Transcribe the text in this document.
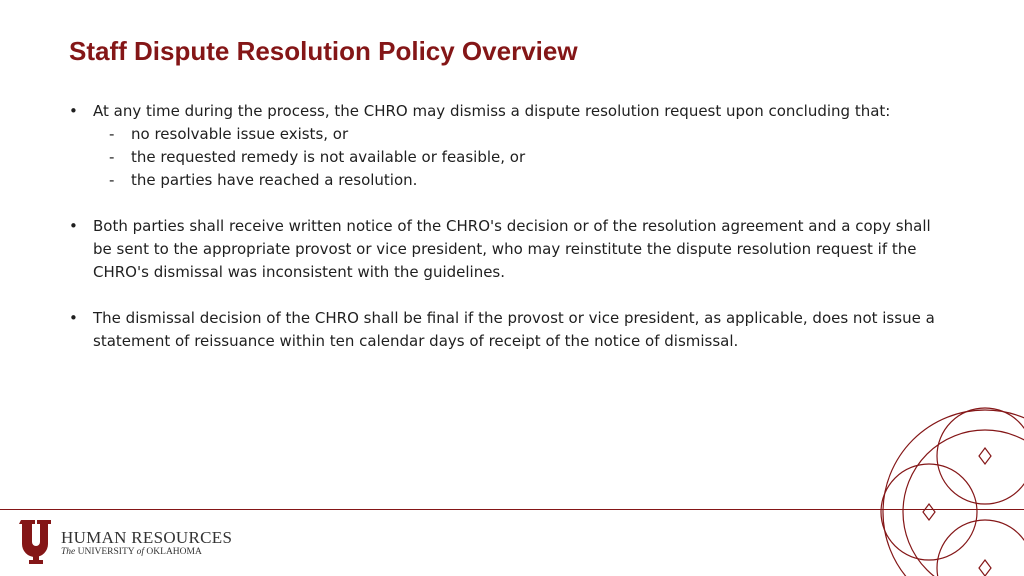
Staff Dispute Resolution Policy Overview
• At any time during the process, the CHRO may dismiss a dispute resolution request upon concluding that:
- no resolvable issue exists, or
- the requested remedy is not available or feasible, or
- the parties have reached a resolution.
• Both parties shall receive written notice of the CHRO's decision or of the resolution agreement and a copy shall be sent to the appropriate provost or vice president, who may reinstitute the dispute resolution request if the CHRO's dismissal was inconsistent with the guidelines.
• The dismissal decision of the CHRO shall be final if the provost or vice president, as applicable, does not issue a statement of reissuance within ten calendar days of receipt of the notice of dismissal.
HUMAN RESOURCES
The UNIVERSITY of OKLAHOMA
